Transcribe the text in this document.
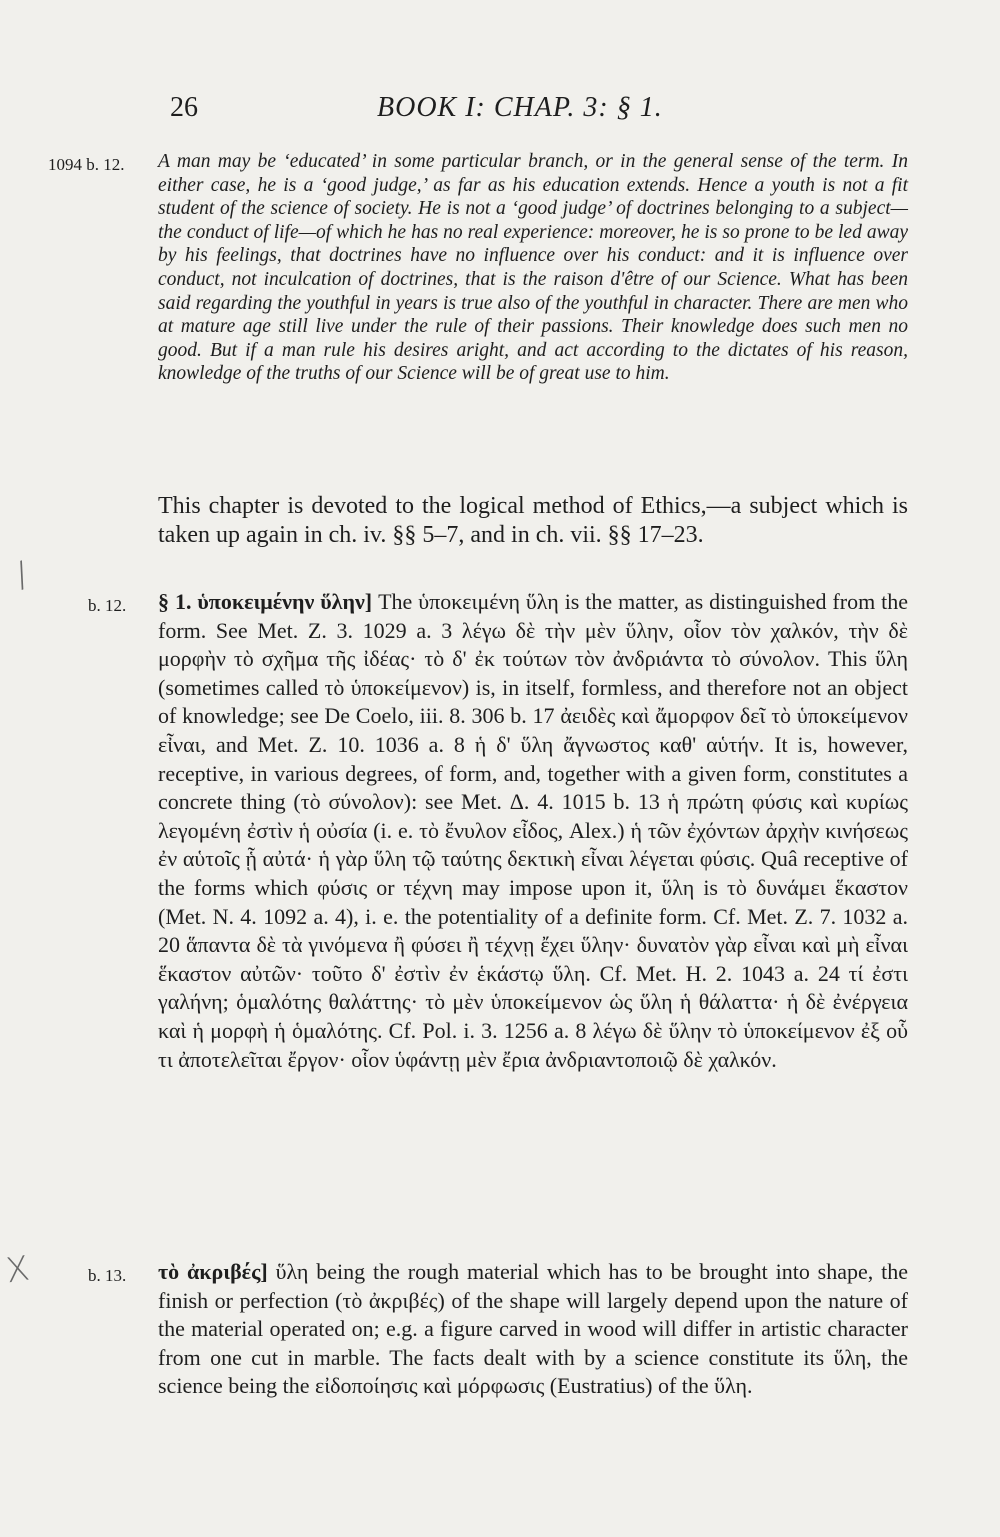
26	BOOK I: CHAP. 3: § 1.
1094 b. 12. A man may be ‘educated’ in some particular branch, or in the general sense of the term. In either case, he is a ‘good judge,’ as far as his education extends. Hence a youth is not a fit student of the science of society. He is not a ‘good judge’ of doctrines belonging to a subject—the conduct of life—of which he has no real experience: moreover, he is so prone to be led away by his feelings, that doctrines have no influence over his conduct: and it is influence over conduct, not inculcation of doctrines, that is the raison d'être of our Science. What has been said regarding the youthful in years is true also of the youthful in character. There are men who at mature age still live under the rule of their passions. Their knowledge does such men no good. But if a man rule his desires aright, and act according to the dictates of his reason, knowledge of the truths of our Science will be of great use to him.

This chapter is devoted to the logical method of Ethics,—a subject which is taken up again in ch. iv. §§ 5–7, and in ch. vii. §§ 17–23.

b. 12. § 1. ὑποκειμένην ὕλην] The ὑποκειμένη ὕλη is the matter, as distinguished from the form. See Met. Z. 3. 1029 a. 3 λέγω δὲ τὴν μὲν ὕλην, οἷον τὸν χαλκόν, τὴν δὲ μορφὴν τὸ σχῆμα τῆς ἰδέας· τὸ δ' ἐκ τούτων τὸν ἀνδριάντα τὸ σύνολον. This ὕλη (sometimes called τὸ ὑποκείμενον) is, in itself, formless, and therefore not an object of knowledge; see De Coelo, iii. 8. 306 b. 17 ἀειδὲς καὶ ἄμορφον δεῖ τὸ ὑποκείμενον εἶναι, and Met. Z. 10. 1036 a. 8 ἡ δ' ὕλη ἄγνωστος καθ' αὑτήν. It is, however, receptive, in various degrees, of form, and, together with a given form, constitutes a concrete thing (τὸ σύνολον): see Met. Δ. 4. 1015 b. 13 ἡ πρώτη φύσις καὶ κυρίως λεγομένη ἐστὶν ἡ οὐσία (i. e. τὸ ἔνυλον εἶδος, Alex.) ἡ τῶν ἐχόντων ἀρχὴν κινήσεως ἐν αὑτοῖς ᾗ αὐτά· ἡ γὰρ ὕλη τῷ ταύτης δεκτικὴ εἶναι λέγεται φύσις. Quâ receptive of the forms which φύσις or τέχνη may impose upon it, ὕλη is τὸ δυνάμει ἕκαστον (Met. N. 4. 1092 a. 4), i. e. the potentiality of a definite form. Cf. Met. Z. 7. 1032 a. 20 ἅπαντα δὲ τὰ γινόμενα ἢ φύσει ἢ τέχνῃ ἔχει ὕλην· δυνατὸν γὰρ εἶναι καὶ μὴ εἶναι ἕκαστον αὐτῶν· τοῦτο δ' ἐστὶν ἐν ἑκάστῳ ὕλη. Cf. Met. H. 2. 1043 a. 24 τί ἐστι γαλήνη; ὁμαλότης θαλάττης· τὸ μὲν ὑποκείμενον ὡς ὕλη ἡ θάλαττα· ἡ δὲ ἐνέργεια καὶ ἡ μορφὴ ἡ ὁμαλότης. Cf. Pol. i. 3. 1256 a. 8 λέγω δὲ ὕλην τὸ ὑποκείμενον ἐξ οὗ τι ἀποτελεῖται ἔργον· οἷον ὑφάντῃ μὲν ἔρια ἀνδριαντοποιῷ δὲ χαλκόν.

b. 13. τὸ ἀκριβές] ὕλη being the rough material which has to be brought into shape, the finish or perfection (τὸ ἀκριβές) of the shape will largely depend upon the nature of the material operated on; e.g. a figure carved in wood will differ in artistic character from one cut in marble. The facts dealt with by a science constitute its ὕλη, the science being the εἰδοποίησις καὶ μόρφωσις (Eustratius) of the ὕλη.

/
X
